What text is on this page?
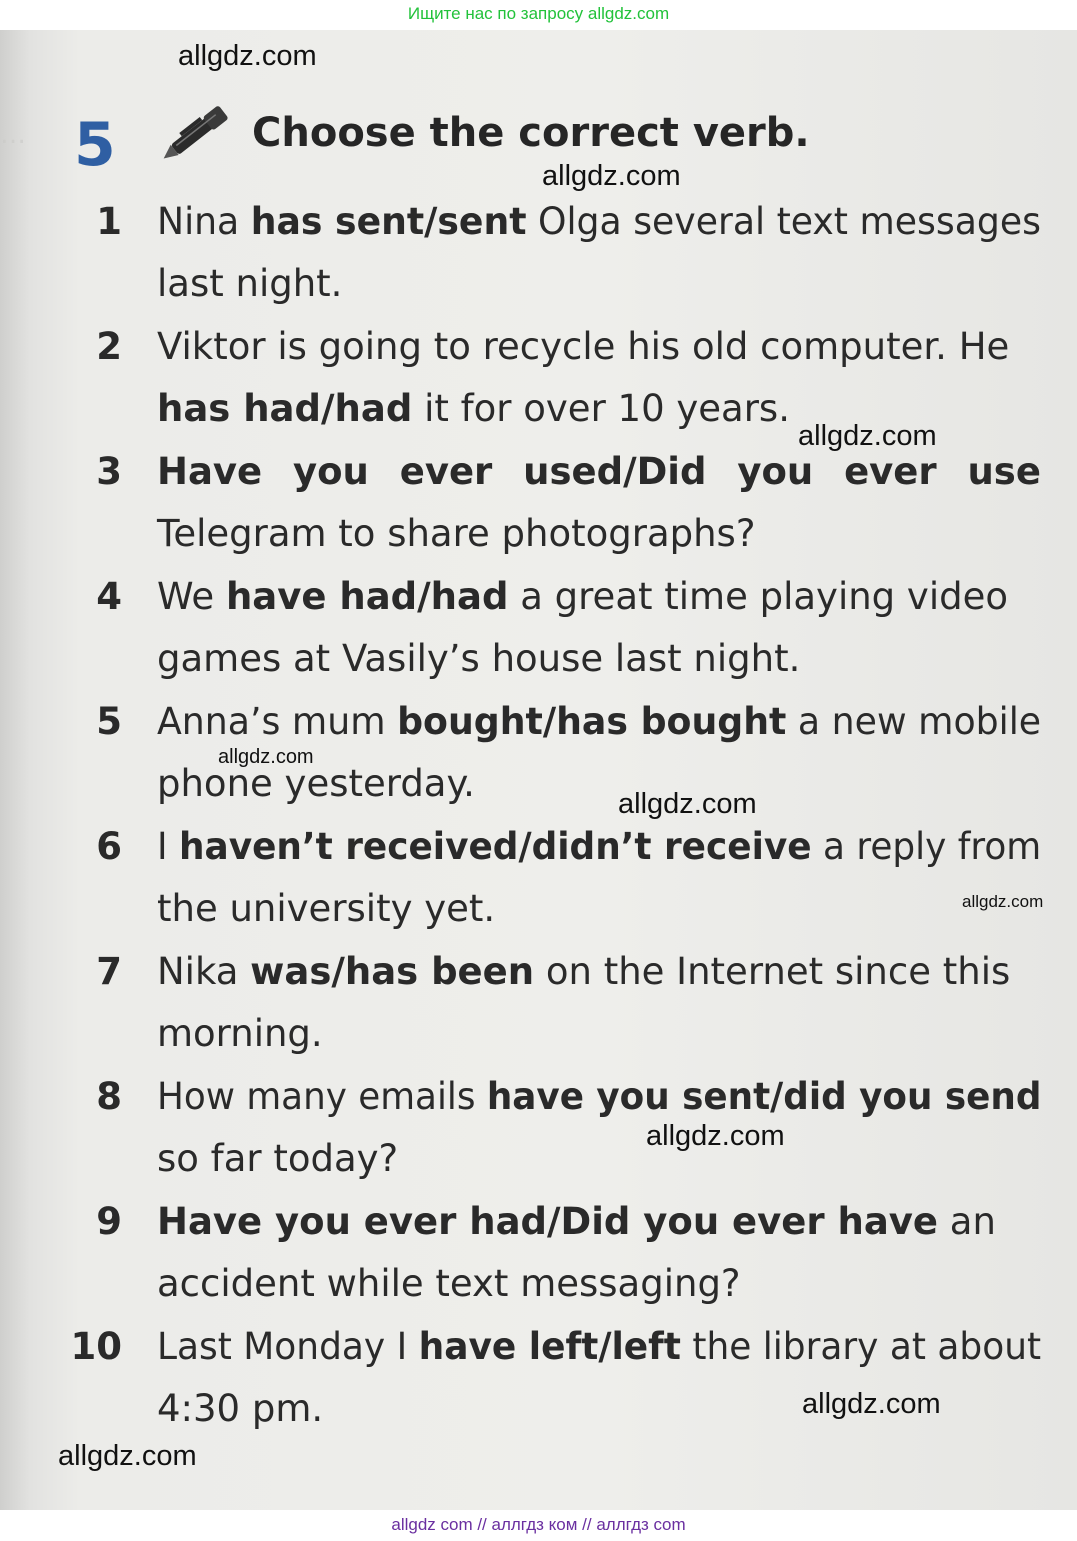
Ищите нас по запросу allgdz.com
… 5	Choose the correct verb.
1 Nina has sent/sent Olga several text messages
last night.
2 Viktor is going to recycle his old computer. He
has had/had it for over 10 years.
3 Have you ever used/Did you ever use
Telegram to share photographs?
4 We have had/had a great time playing video
games at Vasily’s house last night.
5 Anna’s mum bought/has bought a new mobile
phone yesterday.
6 I haven’t received/didn’t receive a reply from
the university yet.
7 Nika was/has been on the Internet since this
morning.
8 How many emails have you sent/did you send
so far today?
9 Have you ever had/Did you ever have an
accident while text messaging?
10 Last Monday I have left/left the library at about
4:30 pm.
allgdz.com
allgdz.com
allgdz.com
allgdz.com
allgdz.com
allgdz.com
allgdz.com
allgdz.com
allgdz.com
allgdz com // аллгдз ком // аллгдз com
